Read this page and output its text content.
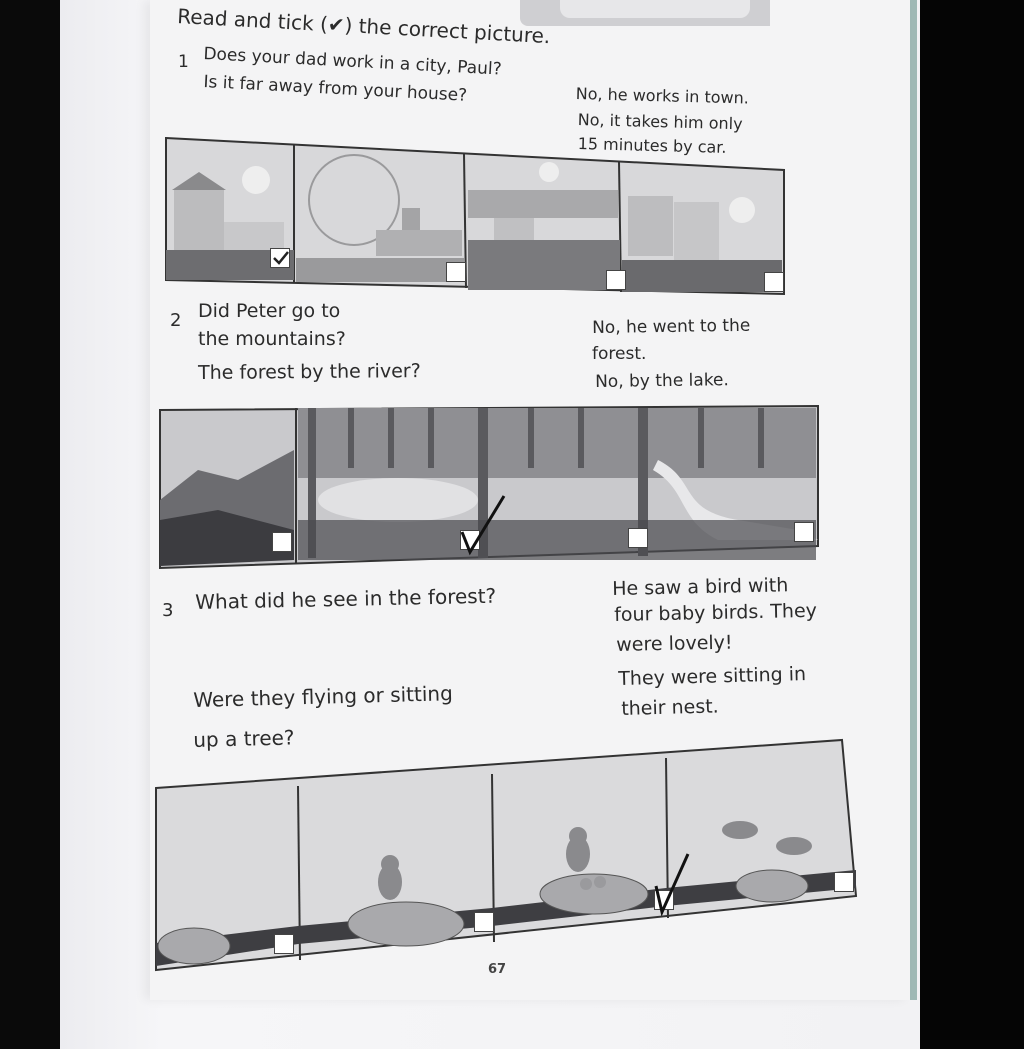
Read and tick (✔) the correct picture.
1 Does your dad work in a city, Paul?
Is it far away from your house?	No, he works in town.
No, it takes him only
15 minutes by car.
2 Did Peter go to
the mountains?
The forest by the river?
No, he went to the
forest.
No, by the lake.
3 What did he see in the forest?	He saw a bird with
four baby birds. They
were lovely!
Were they flying or sitting
up a tree?
They were sitting in
their nest.
67
